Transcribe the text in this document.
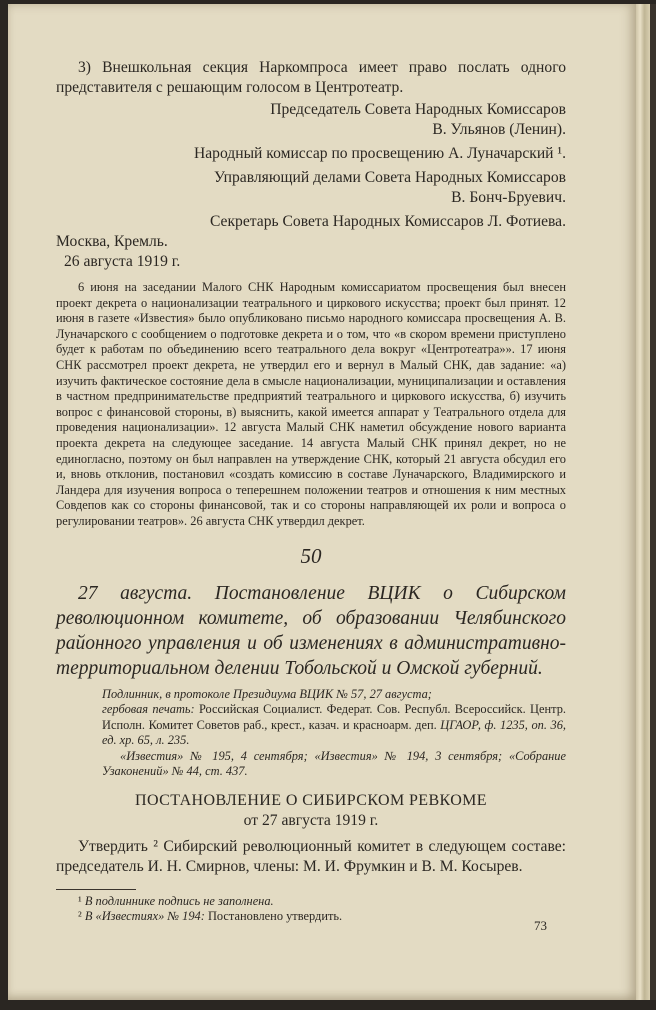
3) Внешкольная секция Наркомпроса имеет право послать одного представителя с решающим голосом в Центротеатр.

Председатель Совета Народных Комиссаров

В. Ульянов (Ленин).

Народный комиссар по просвещению А. Луначарский ¹.

Управляющий делами Совета Народных Комиссаров

В. Бонч-Бруевич.

Секретарь Совета Народных Комиссаров Л. Фотиева.

Москва, Кремль.

26 августа 1919 г.

6 июня на заседании Малого СНК Народным комиссариатом просвещения был внесен проект декрета о национализации театрального и циркового искусства; проект был принят. 12 июня в газете «Известия» было опубликовано письмо народного комиссара просвещения А. В. Луначарского с сообщением о подготовке декрета и о том, что «в скором времени приступлено будет к работам по объединению всего театрального дела вокруг «Центротеатра»». 17 июня СНК рассмотрел проект декрета, не утвердил его и вернул в Малый СНК, дав задание: «а) изучить фактическое состояние дела в смысле национализации, муниципализации и оставления в частном предпринимательстве предприятий театрального и циркового искусства, б) изучить вопрос с финансовой стороны, в) выяснить, какой имеется аппарат у Театрального отдела для проведения национализации». 12 августа Малый СНК наметил обсуждение нового варианта проекта декрета на следующее заседание. 14 августа Малый СНК принял декрет, но не единогласно, поэтому он был направлен на утверждение СНК, который 21 августа обсудил его и, вновь отклонив, постановил «создать комиссию в составе Луначарского, Владимирского и Ландера для изучения вопроса о теперешнем положении театров и отношения к ним местных Совдепов как со стороны финансовой, так и со стороны направляющей их роли и вопроса о регулировании театров». 26 августа СНК утвердил декрет.

50

27 августа. Постановление ВЦИК о Сибирском революционном комитете, об образовании Челябинского районного управления и об изменениях в административно-территориальном делении Тобольской и Омской губерний.

Подлинник, в протоколе Президиума ВЦИК № 57, 27 августа;

гербовая печать: Российская Социалист. Федерат. Сов. Республ. Всероссийск. Центр. Исполн. Комитет Советов раб., крест., казач. и красноарм. деп. ЦГАОР, ф. 1235, оп. 36, ед. хр. 65, л. 235.

«Известия» № 195, 4 сентября; «Известия» № 194, 3 сентября; «Собрание Узаконений» № 44, ст. 437.

ПОСТАНОВЛЕНИЕ О СИБИРСКОМ РЕВКОМЕ

от 27 августа 1919 г.

Утвердить ² Сибирский революционный комитет в следующем составе: председатель И. Н. Смирнов, члены: М. И. Фрумкин и В. М. Косырев.

¹ В подлиннике подпись не заполнена.

² В «Известиях» № 194: Постановлено утвердить.

73
